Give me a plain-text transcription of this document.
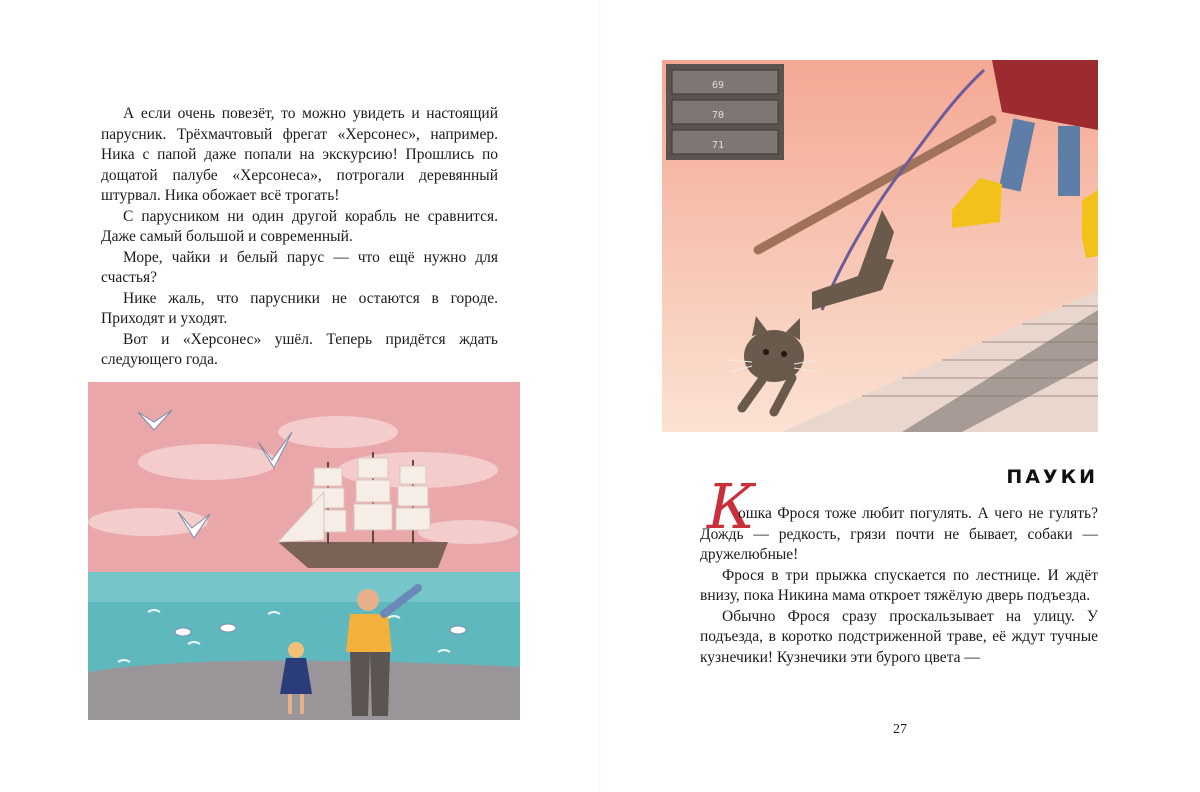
А если очень повезёт, то можно увидеть и настоящий парусник. Трёхмачтовый фрегат «Херсонес», например. Ника с папой даже попали на экскурсию! Прошлись по дощатой палубе «Херсонеса», потрогали деревянный штурвал. Ника обожает всё трогать!

С парусником ни один другой корабль не сравнится. Даже самый большой и современный.

Море, чайки и белый парус — что ещё нужно для счастья?

Нике жаль, что парусники не остаются в городе. Приходят и уходят.

Вот и «Херсонес» ушёл. Теперь придётся ждать следующего года.

69
70
71
ПАУКИ
К

ошка Фрося тоже любит погулять. А чего не гулять? Дождь — редкость, грязи почти не бывает, собаки — дружелюбные!

Фрося в три прыжка спускается по лестнице. И ждёт внизу, пока Никина мама откроет тяжёлую дверь подъезда.

Обычно Фрося сразу проскальзывает на улицу. У подъезда, в коротко подстриженной траве, её ждут тучные кузнечики! Кузнечики эти бурого цвета —

27
